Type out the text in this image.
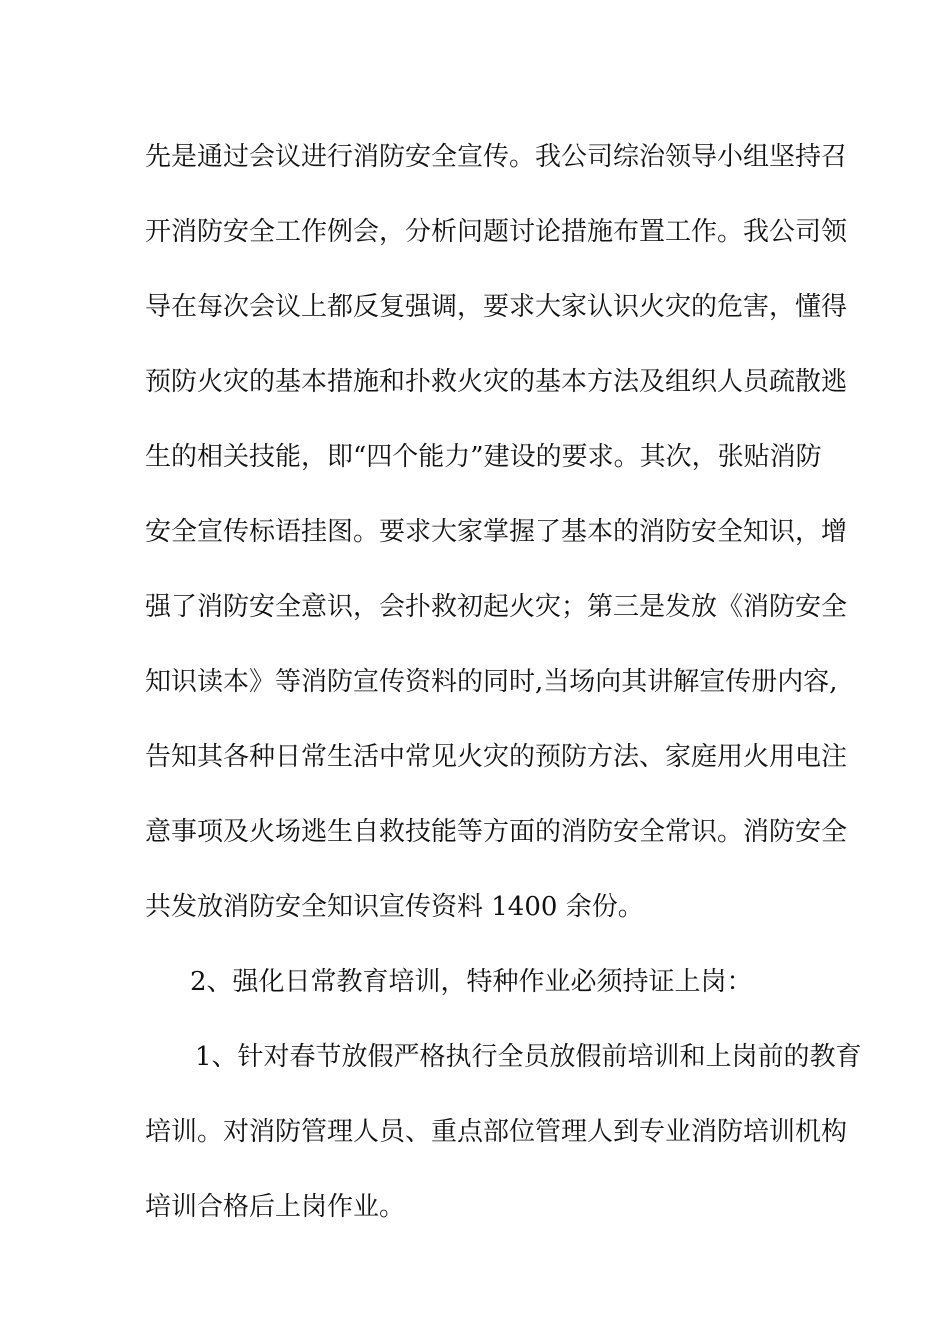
先是通过会议进行消防安全宣传。我公司综治领导小组坚持召
开消防安全工作例会，分析问题讨论措施布置工作。我公司领
导在每次会议上都反复强调，要求大家认识火灾的危害，懂得
预防火灾的基本措施和扑救火灾的基本方法及组织人员疏散逃
生的相关技能，即“四个能力”建设的要求。其次，张贴消防
安全宣传标语挂图。要求大家掌握了基本的消防安全知识，增
强了消防安全意识，会扑救初起火灾；第三是发放《消防安全
知识读本》等消防宣传资料的同时,当场向其讲解宣传册内容,
告知其各种日常生活中常见火灾的预防方法、家庭用火用电注
意事项及火场逃生自救技能等方面的消防安全常识。消防安全
共发放消防安全知识宣传资料 1400 余份。
2、强化日常教育培训，特种作业必须持证上岗：
1、针对春节放假严格执行全员放假前培训和上岗前的教育
培训。对消防管理人员、重点部位管理人到专业消防培训机构
培训合格后上岗作业。
